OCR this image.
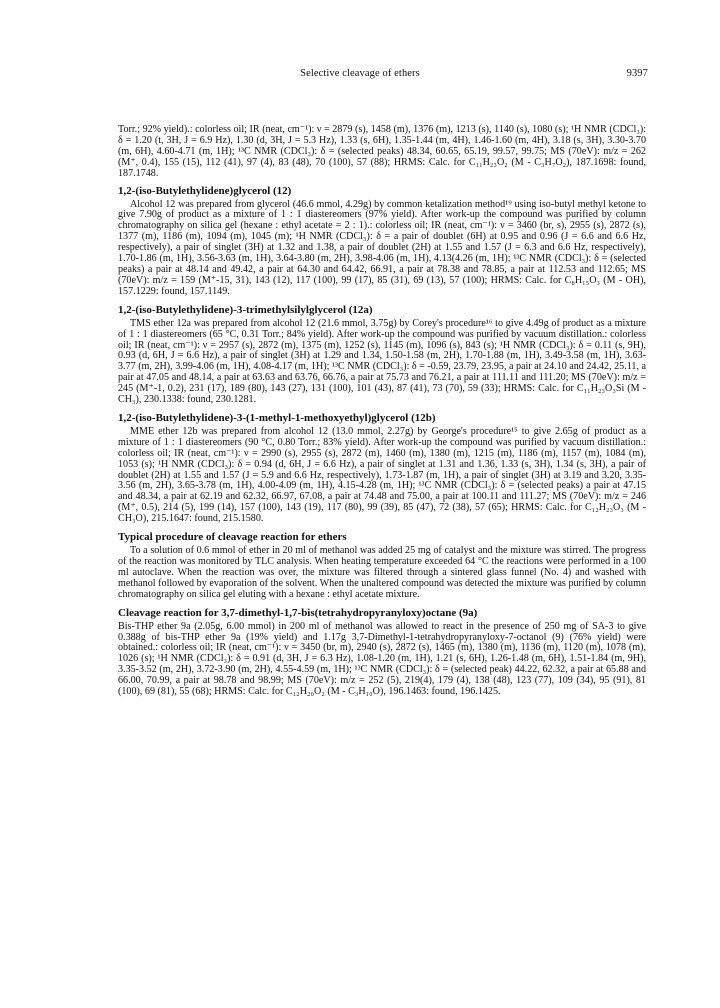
Selective cleavage of ethers	9397

Torr.; 92% yield).: colorless oil; IR (neat, cm⁻¹): ν = 2879 (s), 1458 (m), 1376 (m), 1213 (s), 1140 (s), 1080 (s); ¹H NMR (CDCl₃): δ = 1.20 (t, 3H, J = 6.9 Hz), 1.30 (d, 3H, J = 5.3 Hz), 1.33 (s, 6H), 1.35-1.44 (m, 4H), 1.46-1.60 (m, 4H), 3.18 (s, 3H), 3.30-3.70 (m, 6H), 4.60-4.71 (m, 1H); ¹³C NMR (CDCl₃): δ = (selected peaks) 48.34, 60.65, 65.19, 99.57, 99.75; MS (70eV): m/z = 262 (M⁺, 0.4), 155 (15), 112 (41), 97 (4), 83 (48), 70 (100), 57 (88); HRMS: Calc. for C₁₁H₂₃O₂ (M - C₃H₇O₂), 187.1698: found, 187.1748.

1,2-(iso-Butylethylidene)glycerol (12)

Alcohol 12 was prepared from glycerol (46.6 mmol, 4.29g) by common ketalization method¹⁹ using iso-butyl methyl ketone to give 7.90g of product as a mixture of 1 : 1 diastereomers (97% yield). After work-up the compound was purified by column chromatography on silica gel (hexane : ethyl acetate = 2 : 1).: colorless oil; IR (neat, cm⁻¹): ν = 3460 (br, s), 2955 (s), 2872 (s), 1377 (m), 1186 (m), 1094 (m), 1045 (m); ¹H NMR (CDCl₃): δ = a pair of doublet (6H) at 0.95 and 0.96 (J = 6.6 and 6.6 Hz, respectively), a pair of singlet (3H) at 1.32 and 1.38, a pair of doublet (2H) at 1.55 and 1.57 (J = 6.3 and 6.6 Hz, respectively), 1.70-1.86 (m, 1H), 3.56-3.63 (m, 1H), 3.64-3.80 (m, 2H), 3.98-4.06 (m, 1H), 4.13(4.26 (m, 1H); ¹³C NMR (CDCl₃): δ = (selected peaks) a pair at 48.14 and 49.42, a pair at 64.30 and 64.42, 66.91, a pair at 78.38 and 78.85, a pair at 112.53 and 112.65; MS (70eV): m/z = 159 (M⁺-15, 31), 143 (12), 117 (100), 99 (17), 85 (31), 69 (13), 57 (100); HRMS: Calc. for C₈H₁₅O₃ (M - OH), 157.1229: found, 157.1149.

1,2-(iso-Butylethylidene)-3-trimethylsilylglycerol (12a)

TMS ether 12a was prepared from alcohol 12 (21.6 mmol, 3.75g) by Corey's procedure¹⁶ to give 4.49g of product as a mixture of 1 : 1 diastereomers (65 °C, 0.31 Torr.; 84% yield). After work-up the compound was purified by vacuum distillation.: colorless oil; IR (neat, cm⁻¹): ν = 2957 (s), 2872 (m), 1375 (m), 1252 (s), 1145 (m), 1096 (s), 843 (s); ¹H NMR (CDCl₃): δ = 0.11 (s, 9H), 0.93 (d, 6H, J = 6.6 Hz), a pair of singlet (3H) at 1.29 and 1.34, 1.50-1.58 (m, 2H), 1.70-1.88 (m, 1H), 3.49-3.58 (m, 1H), 3.63-3.77 (m, 2H), 3.99-4.06 (m, 1H), 4.08-4.17 (m, 1H); ¹³C NMR (CDCl₃): δ = -0.59, 23.79, 23.95, a pair at 24.10 and 24.42, 25.11, a pair at 47.05 and 48.14, a pair at 63.63 and 63.76, 66.76, a pair at 75.73 and 76.21, a pair at 111.11 and 111.20; MS (70eV): m/z = 245 (M⁺-1, 0.2), 231 (17), 189 (80), 143 (27), 131 (100), 101 (43), 87 (41), 73 (70), 59 (33); HRMS: Calc. for C₁₁H₂₃O₃Si (M - CH₃), 230.1338: found, 230.1281.

1,2-(iso-Butylethylidene)-3-(1-methyl-1-methoxyethyl)glycerol (12b)

MME ether 12b was prepared from alcohol 12 (13.0 mmol, 2.27g) by George's procedure¹⁵ to give 2.65g of product as a mixture of 1 : 1 diastereomers (90 °C, 0.80 Torr.; 83% yield). After work-up the compound was purified by vacuum distillation.: colorless oil; IR (neat, cm⁻¹): ν = 2990 (s), 2955 (s), 2872 (m), 1460 (m), 1380 (m), 1215 (m), 1186 (m), 1157 (m), 1084 (m), 1053 (s); ¹H NMR (CDCl₃): δ = 0.94 (d, 6H, J = 6.6 Hz), a pair of singlet at 1.31 and 1.36, 1.33 (s, 3H), 1.34 (s, 3H), a pair of doublet (2H) at 1.55 and 1.57 (J = 5.9 and 6.6 Hz, respectively), 1.73-1.87 (m, 1H), a pair of singlet (3H) at 3.19 and 3.20, 3.35-3.56 (m, 2H), 3.65-3.78 (m, 1H), 4.00-4.09 (m, 1H), 4.15-4.28 (m, 1H); ¹³C NMR (CDCl₃): δ = (selected peaks) a pair at 47.15 and 48.34, a pair at 62.19 and 62.32, 66.97, 67.08, a pair at 74.48 and 75.00, a pair at 100.11 and 111.27; MS (70eV): m/z = 246 (M⁺, 0.5), 214 (5), 199 (14), 157 (100), 143 (19), 117 (80), 99 (39), 85 (47), 72 (38), 57 (65); HRMS: Calc. for C₁₂H₂₃O₃ (M - CH₃O), 215.1647: found, 215.1580.

Typical procedure of cleavage reaction for ethers

To a solution of 0.6 mmol of ether in 20 ml of methanol was added 25 mg of catalyst and the mixture was stirred. The progress of the reaction was monitored by TLC analysis. When heating temperature exceeded 64 °C the reactions were performed in a 100 ml autoclave. When the reaction was over, the mixture was filtered through a sintered glass funnel (No. 4) and washed with methanol followed by evaporation of the solvent. When the unaltered compound was detected the mixture was purified by column chromatography on silica gel eluting with a hexane : ethyl acetate mixture.

Cleavage reaction for 3,7-dimethyl-1,7-bis(tetrahydropyranyloxy)octane (9a)

Bis-THP ether 9a (2.05g, 6.00 mmol) in 200 ml of methanol was allowed to react in the presence of 250 mg of SA-3 to give 0.388g of bis-THP ether 9a (19% yield) and 1.17g 3,7-Dimethyl-1-tetrahydropyranyloxy-7-octanol (9) (76% yield) were obtained.: colorless oil; IR (neat, cm⁻¹): ν = 3450 (br, m), 2940 (s), 2872 (s), 1465 (m), 1380 (m), 1136 (m), 1120 (m), 1078 (m), 1026 (s); ¹H NMR (CDCl₃): δ = 0.91 (d, 3H, J = 6.3 Hz), 1.08-1.20 (m, 1H), 1.21 (s, 6H), 1.26-1.48 (m, 6H), 1.51-1.84 (m, 9H), 3.35-3.52 (m, 2H), 3.72-3.90 (m, 2H), 4.55-4.59 (m, 1H); ¹³C NMR (CDCl₃): δ = (selected peak) 44.22, 62.32, a pair at 65.88 and 66.00, 70.99, a pair at 98.78 and 98.99; MS (70eV): m/z = 252 (5), 219(4), 179 (4), 138 (48), 123 (77), 109 (34), 95 (91), 81 (100), 69 (81), 55 (68); HRMS: Calc. for C₁₂H₂₀O₂ (M - C₃H₁₀O), 196.1463: found, 196.1425.
